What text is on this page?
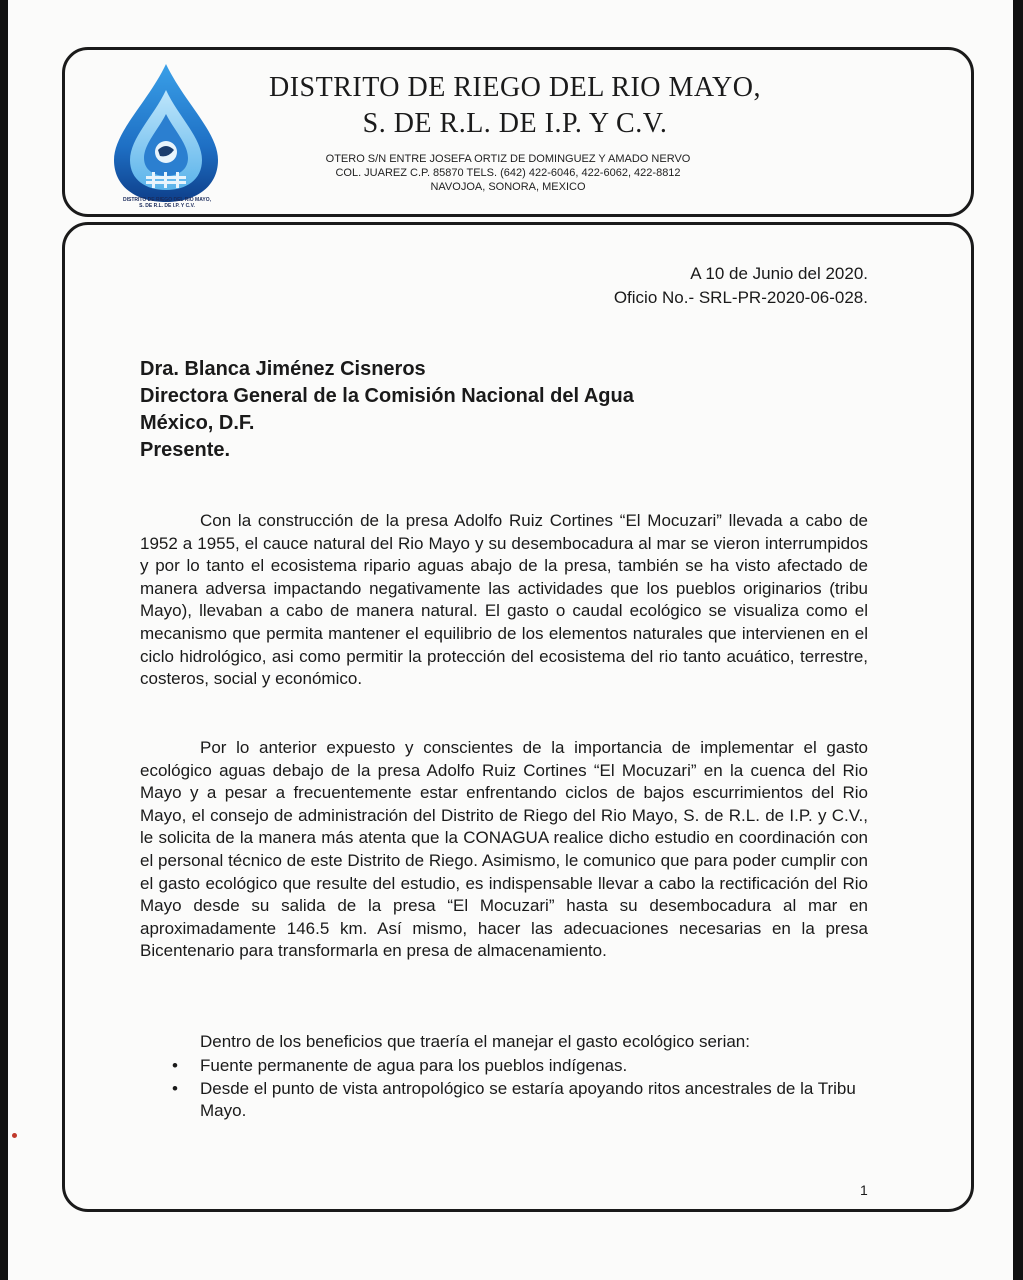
DISTRITO DE RIEGO DEL RIO MAYO,
S. DE R.L. DE I.P. Y C.V.
DISTRITO DE RIEGO DEL RIO MAYO,
S. DE R.L. DE I.P. Y C.V.
OTERO S/N ENTRE JOSEFA ORTIZ DE DOMINGUEZ Y AMADO NERVO
COL. JUAREZ C.P. 85870 TELS. (642) 422-6046, 422-6062, 422-8812
NAVOJOA, SONORA, MEXICO
A 10 de Junio del 2020.
Oficio No.- SRL-PR-2020-06-028.
Dra. Blanca Jiménez Cisneros
Directora General de la Comisión Nacional del Agua
México, D.F.
Presente.

Con la construcción de la presa Adolfo Ruiz Cortines “El Mocuzari” llevada a cabo de 1952 a 1955, el cauce natural del Rio Mayo y su desembocadura al mar se vieron interrumpidos y por lo tanto el ecosistema ripario aguas abajo de la presa, también se ha visto afectado de manera adversa impactando negativamente las actividades que los pueblos originarios (tribu Mayo), llevaban a cabo de manera natural. El gasto o caudal ecológico se visualiza como el mecanismo que permita mantener el equilibrio de los elementos naturales que intervienen en el ciclo hidrológico, asi como permitir la protección del ecosistema del rio tanto acuático, terrestre, costeros, social y económico.

Por lo anterior expuesto y conscientes de la importancia de implementar el gasto ecológico aguas debajo de la presa Adolfo Ruiz Cortines “El Mocuzari” en la cuenca del Rio Mayo y a pesar a frecuentemente estar enfrentando ciclos de bajos escurrimientos del Rio Mayo, el consejo de administración del Distrito de Riego del Rio Mayo, S. de R.L. de I.P. y C.V., le solicita de la manera más atenta que la CONAGUA realice dicho estudio en coordinación con el personal técnico de este Distrito de Riego. Asimismo, le comunico que para poder cumplir con el gasto ecológico que resulte del estudio, es indispensable llevar a cabo la rectificación del Rio Mayo desde su salida de la presa “El Mocuzari” hasta su desembocadura al mar en aproximadamente 146.5 km. Así mismo, hacer las adecuaciones necesarias en la presa Bicentenario para transformarla en presa de almacenamiento.

Dentro de los beneficios que traería el manejar el gasto ecológico serian:

• Fuente permanente de agua para los pueblos indígenas.
• Desde el punto de vista antropológico se estaría apoyando ritos ancestrales de la Tribu Mayo.
1
